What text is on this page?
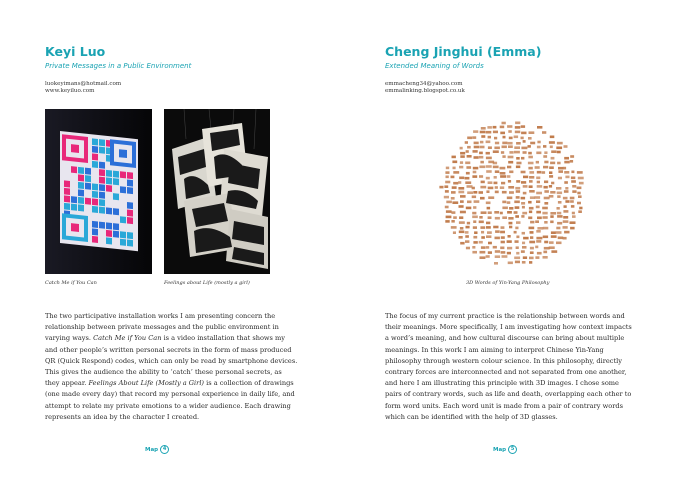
Keyi Luo
Private Messages in a Public Environment
luokeyimans@hotmail.com
www.keyiluo.com
Catch Me if You Can	Feelings about Life (mostly a girl)

The two participative installation works I am presenting concern the
relationship between private messages and the public environment in
varying ways. Catch Me if You Can is a video installation that shows my
and other people’s written personal secrets in the form of mass produced
QR (Quick Respond) codes, which can only be read by smartphone devices.
This gives the audience the ability to ‘catch’ these personal secrets, as
they appear. Feelings About Life (Mostly a Girl) is a collection of drawings
(one made every day) that record my personal experience in daily life, and
attempt to relate my private emotions to a wider audience. Each drawing
represents an idea by the character I created.

Map 4
Cheng Jinghui (Emma)
Extended Meaning of Words
emmacheng34@yahoo.com
emmalinking.blogspot.co.uk
3D Words of Yin-Yang Philosophy

The focus of my current practice is the relationship between words and
their meanings. More specifically, I am investigating how context impacts
a word’s meaning, and how cultural discourse can bring about multiple
meanings. In this work I am aiming to interpret Chinese Yin-Yang
philosophy through western colour science. In this philosophy, directly
contrary forces are interconnected and not separated from one another,
and here I am illustrating this principle with 3D images. I chose some
pairs of contrary words, such as life and death, overlapping each other to
form word units. Each word unit is made from a pair of contrary words
which can be identified with the help of 3D glasses.

Map 5
